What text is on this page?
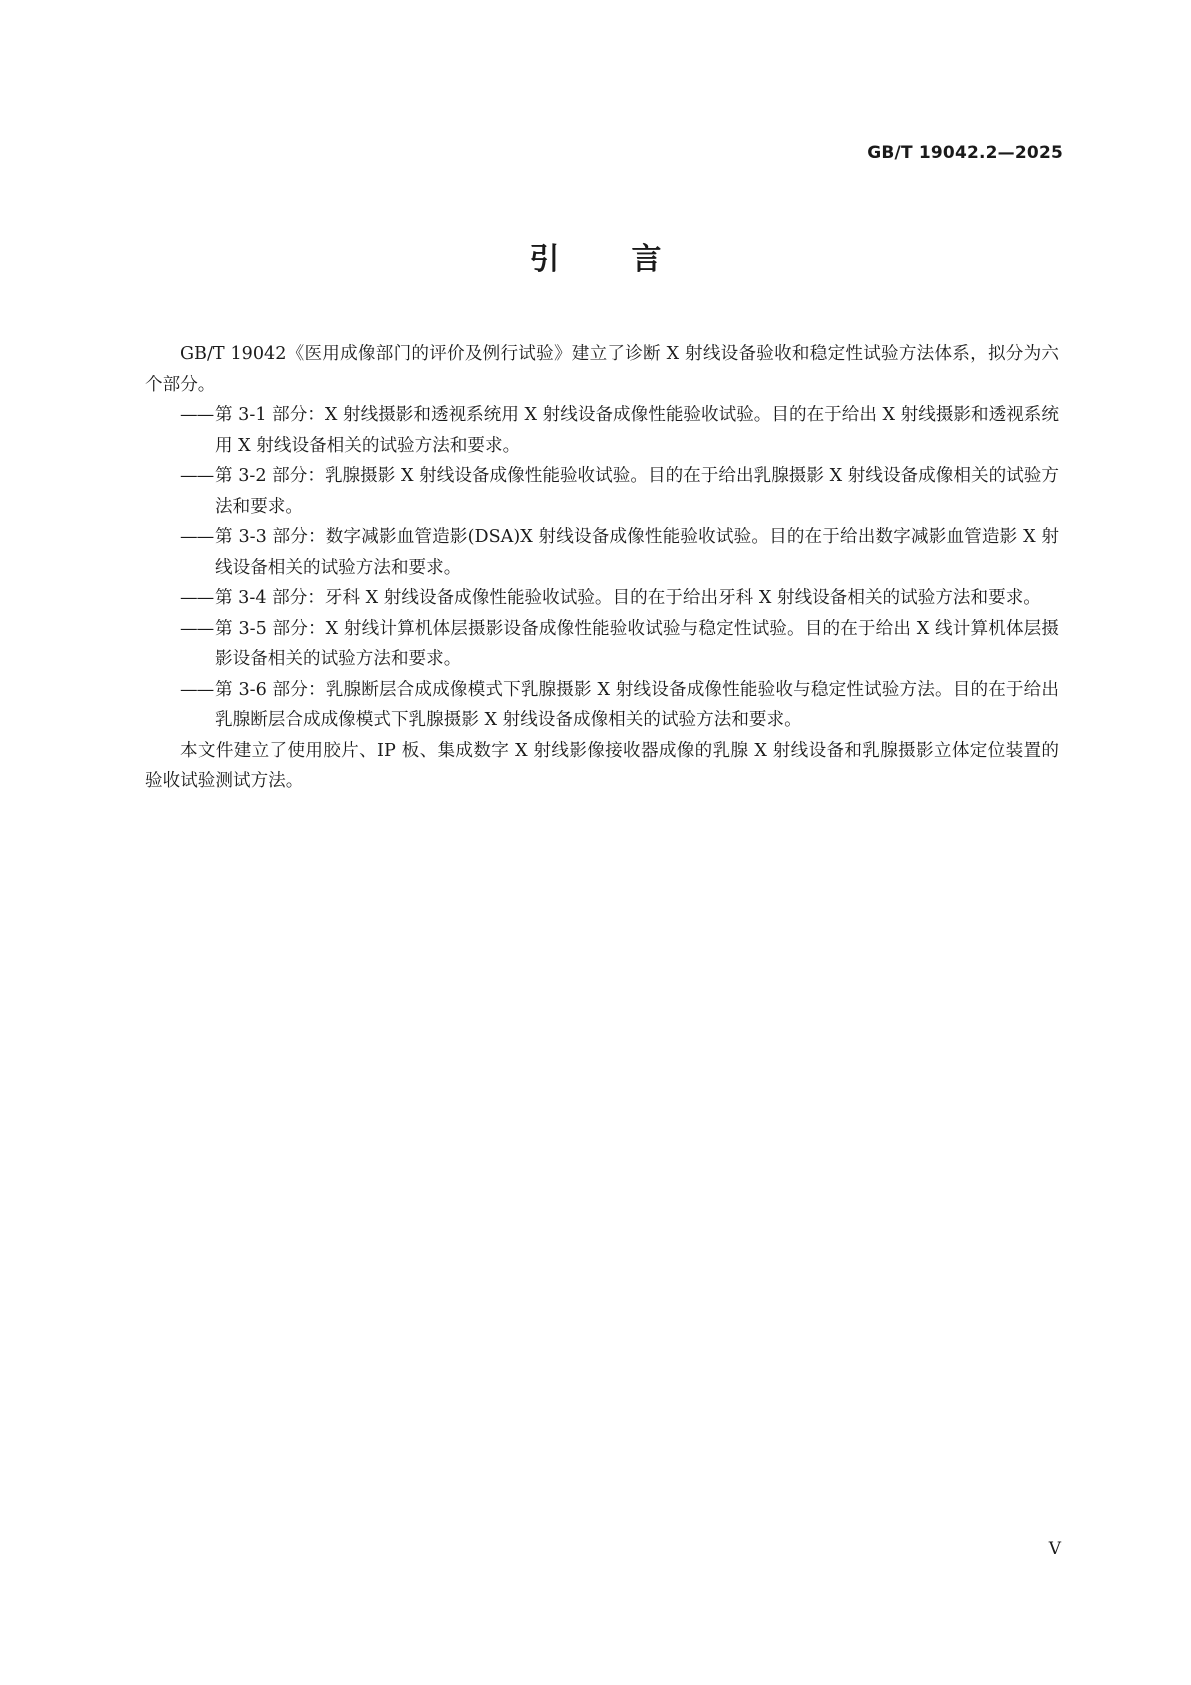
GB/T 19042.2—2025
引言

GB/T 19042《医用成像部门的评价及例行试验》建立了诊断 X 射线设备验收和稳定性试验方法体系，拟分为六个部分。

—— 第 3-1 部分：X 射线摄影和透视系统用 X 射线设备成像性能验收试验。目的在于给出 X 射线摄影和透视系统用 X 射线设备相关的试验方法和要求。
—— 第 3-2 部分：乳腺摄影 X 射线设备成像性能验收试验。目的在于给出乳腺摄影 X 射线设备成像相关的试验方法和要求。
—— 第 3-3 部分：数字减影血管造影(DSA)X 射线设备成像性能验收试验。目的在于给出数字减影血管造影 X 射线设备相关的试验方法和要求。
—— 第 3-4 部分：牙科 X 射线设备成像性能验收试验。目的在于给出牙科 X 射线设备相关的试验方法和要求。
—— 第 3-5 部分：X 射线计算机体层摄影设备成像性能验收试验与稳定性试验。目的在于给出 X 线计算机体层摄影设备相关的试验方法和要求。
—— 第 3-6 部分：乳腺断层合成成像模式下乳腺摄影 X 射线设备成像性能验收与稳定性试验方法。目的在于给出乳腺断层合成成像模式下乳腺摄影 X 射线设备成像相关的试验方法和要求。

本文件建立了使用胶片、IP 板、集成数字 X 射线影像接收器成像的乳腺 X 射线设备和乳腺摄影立体定位装置的验收试验测试方法。

V
